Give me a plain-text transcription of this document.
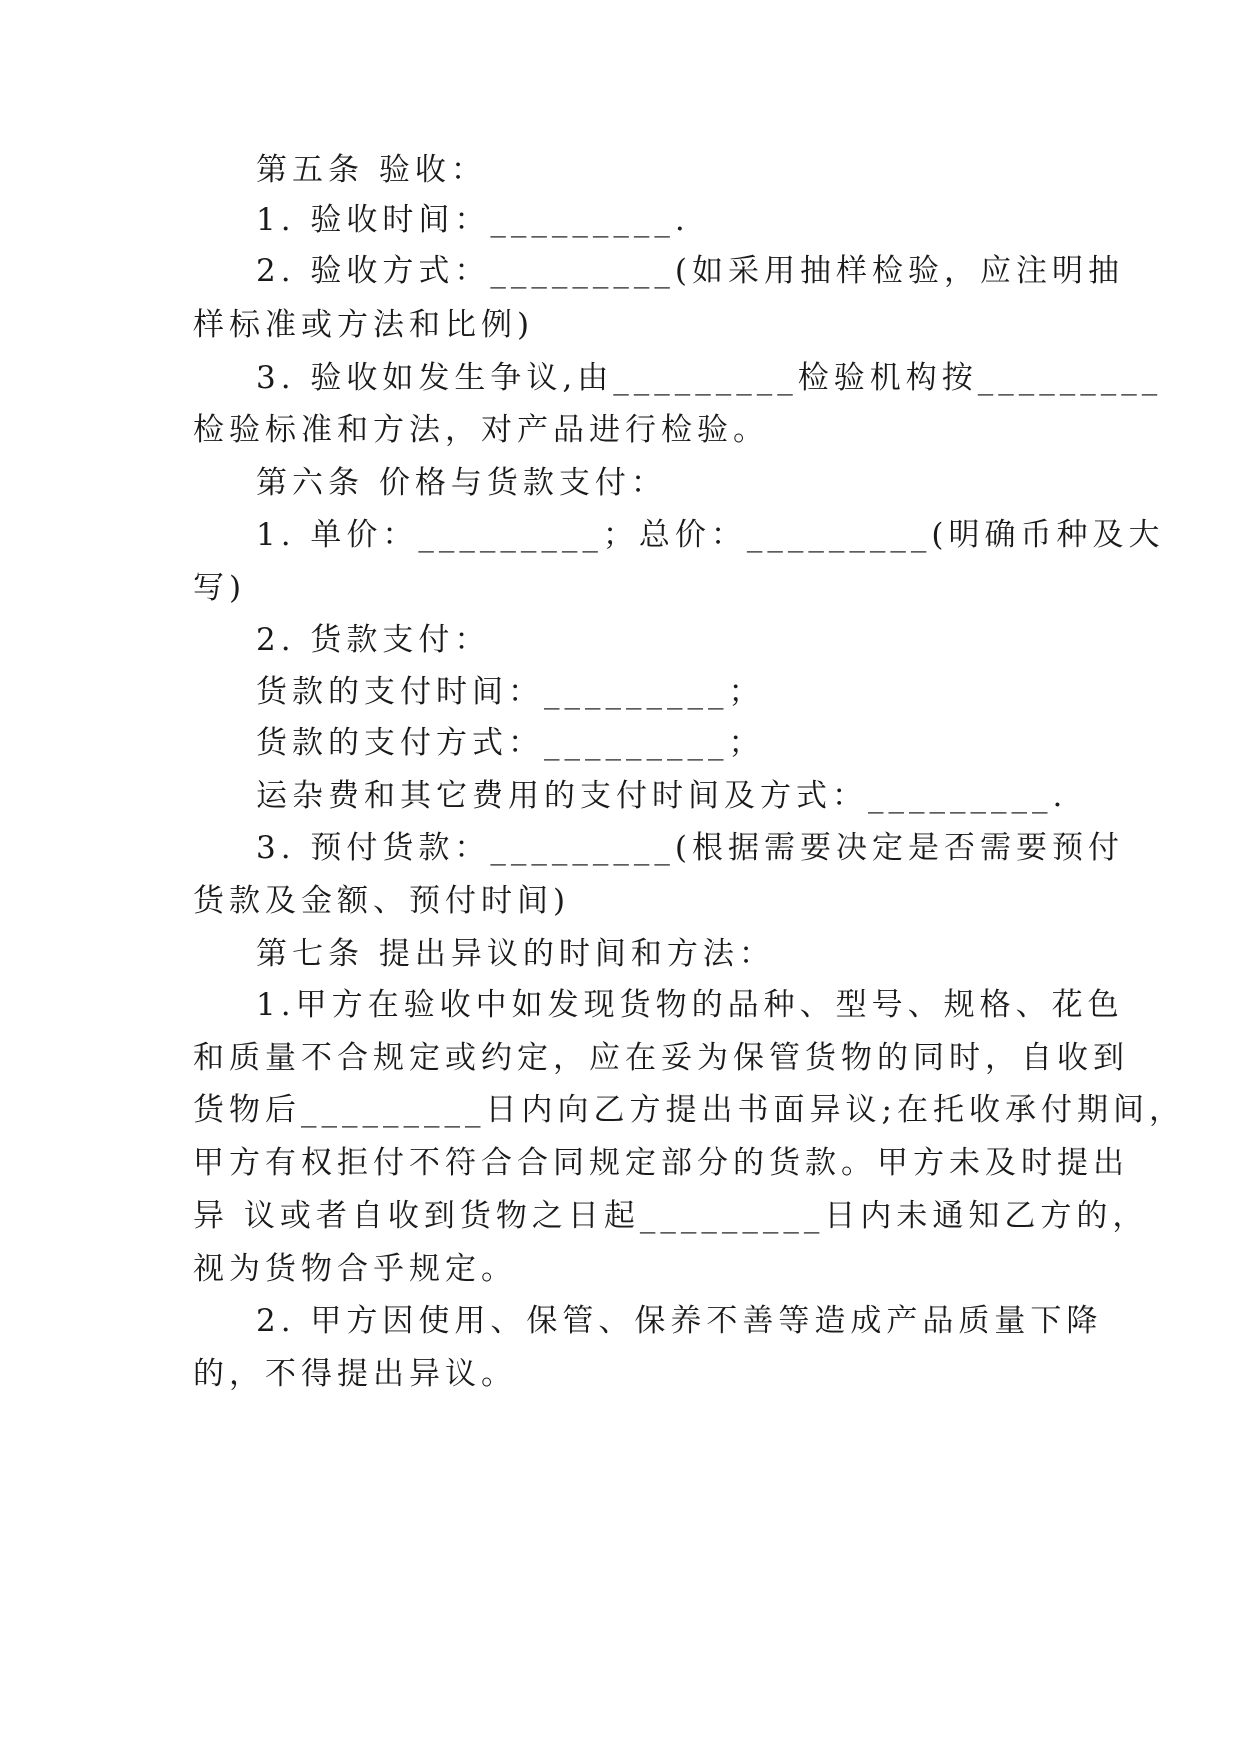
第五条 验收：
1. 验收时间：_________.
2. 验收方式：_________(如采用抽样检验，应注明抽
样标准或方法和比例)
3. 验收如发生争议,由_________检验机构按_________
检验标准和方法，对产品进行检验。
第六条 价格与货款支付：
1. 单价：_________；总价：_________(明确币种及大
写)
2. 货款支付：
货款的支付时间：_________；
货款的支付方式：_________；
运杂费和其它费用的支付时间及方式：_________.
3. 预付货款：_________(根据需要决定是否需要预付
货款及金额、预付时间)
第七条 提出异议的时间和方法：
1.甲方在验收中如发现货物的品种、型号、规格、花色
和质量不合规定或约定，应在妥为保管货物的同时，自收到
货物后_________日内向乙方提出书面异议;在托收承付期间，
甲方有权拒付不符合合同规定部分的货款。甲方未及时提出
异 议或者自收到货物之日起_________日内未通知乙方的，
视为货物合乎规定。
2. 甲方因使用、保管、保养不善等造成产品质量下降
的，不得提出异议。
